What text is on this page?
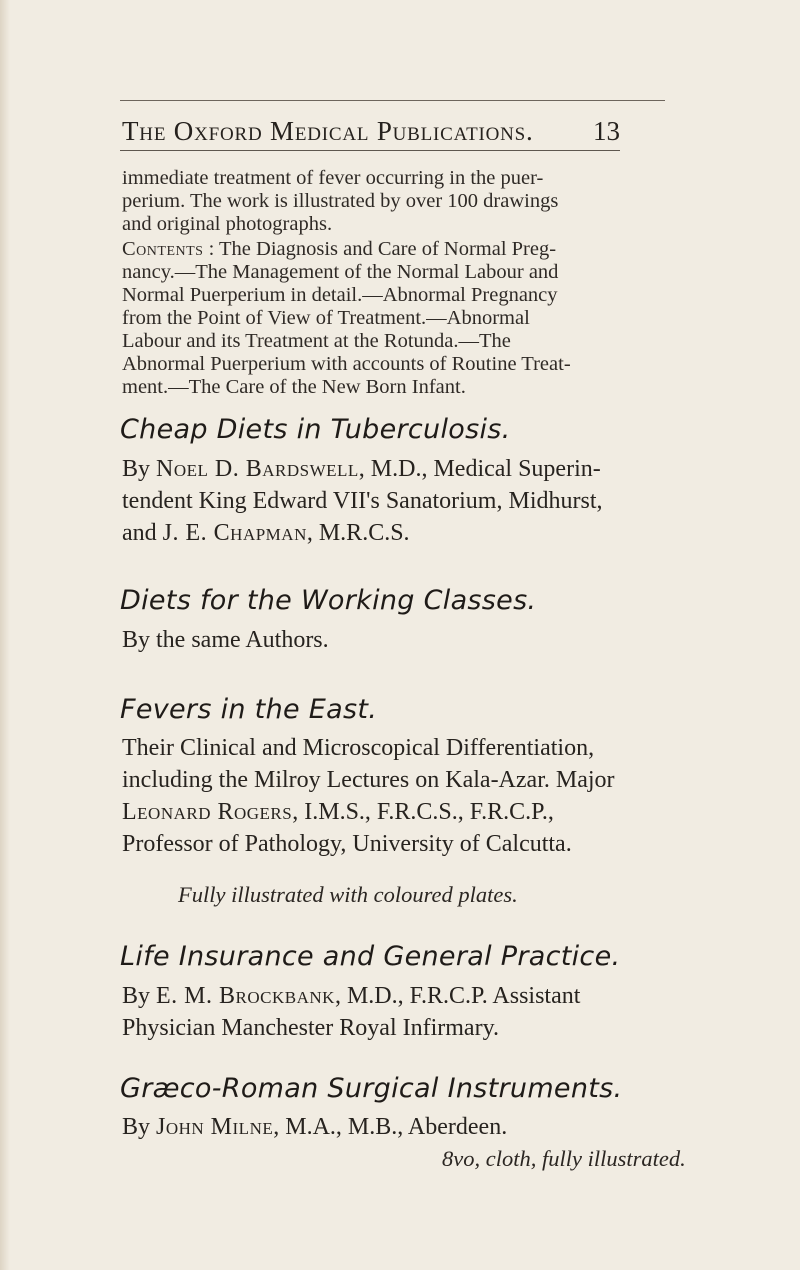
The Oxford Medical Publications.	13
immediate treatment of fever occurring in the puer-
perium. The work is illustrated by over 100 drawings
and original photographs.
Contents : The Diagnosis and Care of Normal Preg-
nancy.—The Management of the Normal Labour and
Normal Puerperium in detail.—Abnormal Pregnancy
from the Point of View of Treatment.—Abnormal
Labour and its Treatment at the Rotunda.—The
Abnormal Puerperium with accounts of Routine Treat-
ment.—The Care of the New Born Infant.
Cheap Diets in Tuberculosis.
By Noel D. Bardswell, M.D., Medical Superin-
tendent King Edward VII's Sanatorium, Midhurst,
and J. E. Chapman, M.R.C.S.
Diets for the Working Classes.
By the same Authors.
Fevers in the East.
Their Clinical and Microscopical Differentiation,
including the Milroy Lectures on Kala-Azar. Major
Leonard Rogers, I.M.S., F.R.C.S., F.R.C.P.,
Professor of Pathology, University of Calcutta.
Fully illustrated with coloured plates.
Life Insurance and General Practice.
By E. M. Brockbank, M.D., F.R.C.P. Assistant
Physician Manchester Royal Infirmary.
Græco-Roman Surgical Instruments.
By John Milne, M.A., M.B., Aberdeen.
8vo, cloth, fully illustrated.
